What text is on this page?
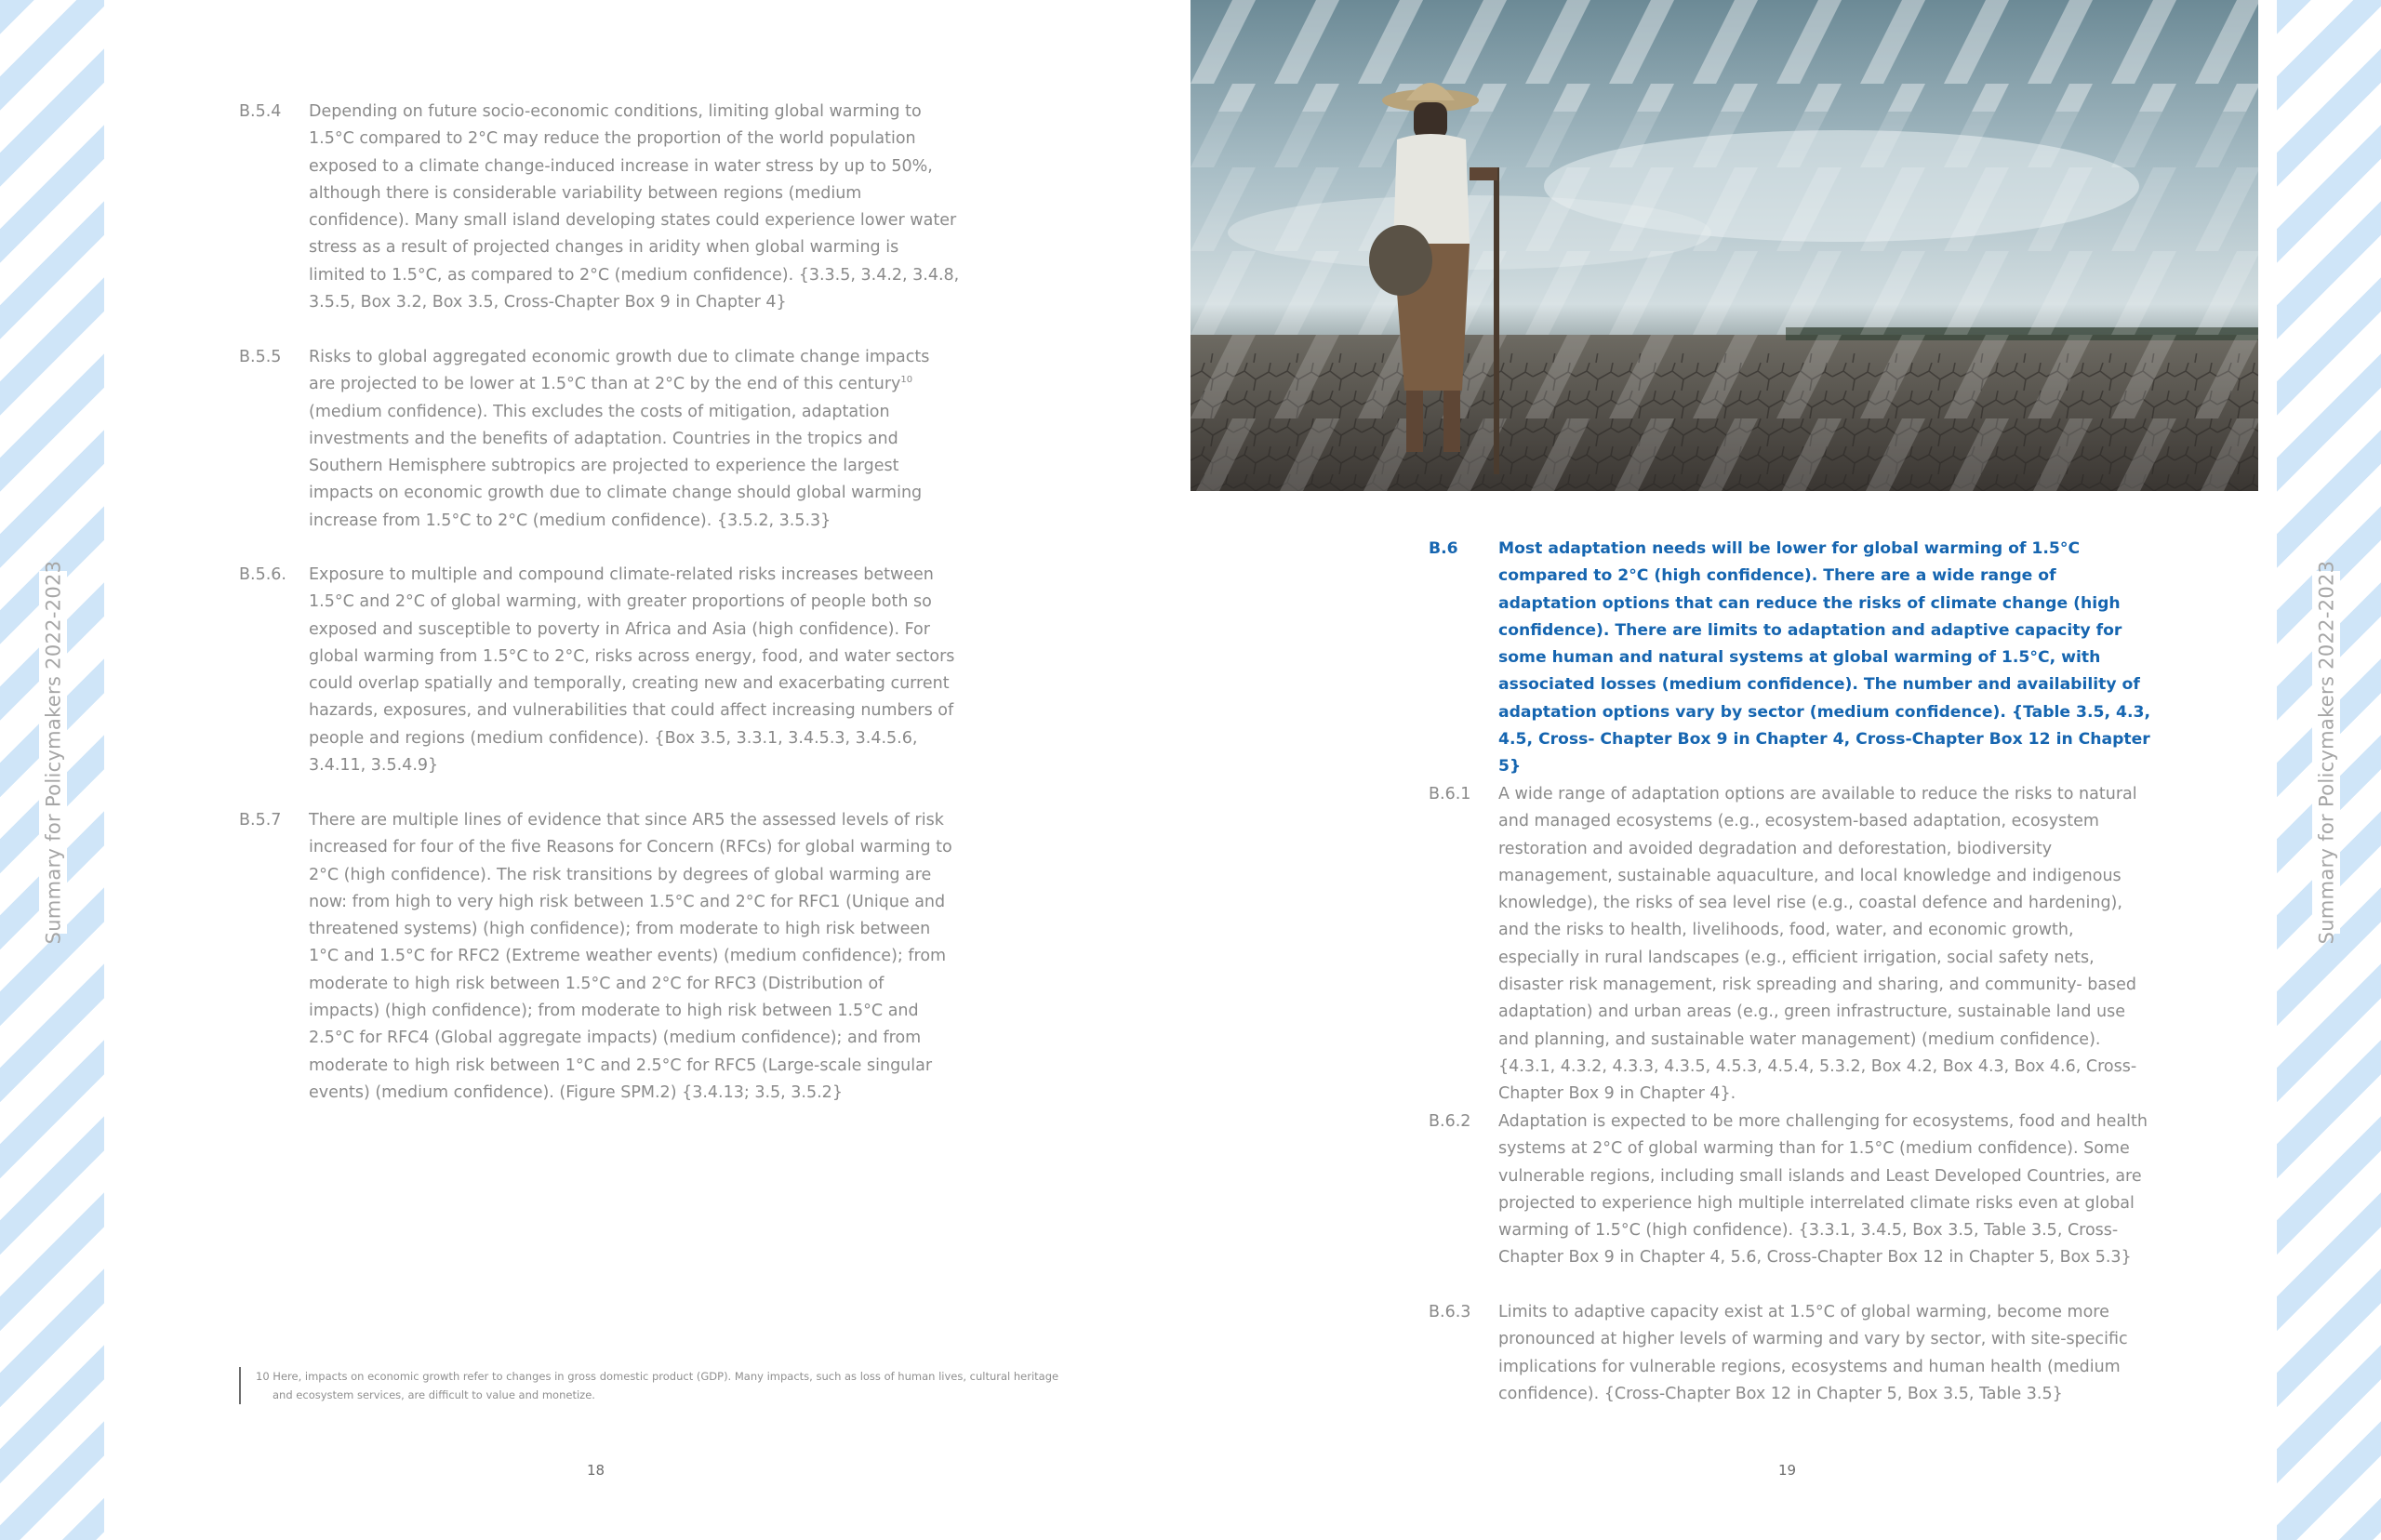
Summary for Policymakers 2022-2023	Summary for Policymakers 2022-2023
B.5.4	Depending on future socio-economic conditions, limiting global warming to 1.5°C compared to 2°C may reduce the proportion of the world population exposed to a climate change-induced increase in water stress by up to 50%, although there is considerable variability between regions (medium confidence). Many small island developing states could experience lower water stress as a result of projected changes in aridity when global warming is limited to 1.5°C, as compared to 2°C (medium confidence). {3.3.5, 3.4.2, 3.4.8, 3.5.5, Box 3.2, Box 3.5, Cross-Chapter Box 9 in Chapter 4}
B.5.5	Risks to global aggregated economic growth due to climate change impacts are projected to be lower at 1.5°C than at 2°C by the end of this century$^{10}$ (medium confidence). This excludes the costs of mitigation, adaptation investments and the benefits of adaptation. Countries in the tropics and Southern Hemisphere subtropics are projected to experience the largest impacts on economic growth due to climate change should global warming increase from 1.5°C to 2°C (medium confidence). {3.5.2, 3.5.3}
B.5.6.	Exposure to multiple and compound climate-related risks increases between 1.5°C and 2°C of global warming, with greater proportions of people both so exposed and susceptible to poverty in Africa and Asia (high confidence). For global warming from 1.5°C to 2°C, risks across energy, food, and water sectors could overlap spatially and temporally, creating new and exacerbating current hazards, exposures, and vulnerabilities that could affect increasing numbers of people and regions (medium confidence). {Box 3.5, 3.3.1, 3.4.5.3, 3.4.5.6, 3.4.11, 3.5.4.9}
B.5.7	There are multiple lines of evidence that since AR5 the assessed levels of risk increased for four of the five Reasons for Concern (RFCs) for global warming to 2°C (high confidence). The risk transitions by degrees of global warming are now: from high to very high risk between 1.5°C and 2°C for RFC1 (Unique and threatened systems) (high confidence); from moderate to high risk between 1°C and 1.5°C for RFC2 (Extreme weather events) (medium confidence); from moderate to high risk between 1.5°C and 2°C for RFC3 (Distribution of impacts) (high confidence); from moderate to high risk between 1.5°C and 2.5°C for RFC4 (Global aggregate impacts) (medium confidence); and from moderate to high risk between 1°C and 2.5°C for RFC5 (Large-scale singular events) (medium confidence). (Figure SPM.2) {3.4.13; 3.5, 3.5.2}
10 Here, impacts on economic growth refer to changes in gross domestic product (GDP). Many impacts, such as loss of human lives, cultural heritage
and ecosystem services, are difficult to value and monetize.
18
B.6	Most adaptation needs will be lower for global warming of 1.5°C compared to 2°C (high confidence). There are a wide range of adaptation options that can reduce the risks of climate change (high confidence). There are limits to adaptation and adaptive capacity for some human and natural systems at global warming of 1.5°C, with associated losses (medium confidence). The number and availability of adaptation options vary by sector (medium confidence). {Table 3.5, 4.3, 4.5, Cross- Chapter Box 9 in Chapter 4, Cross-Chapter Box 12 in Chapter 5}
B.6.1	A wide range of adaptation options are available to reduce the risks to natural and managed ecosystems (e.g., ecosystem-based adaptation, ecosystem restoration and avoided degradation and deforestation, biodiversity management, sustainable aquaculture, and local knowledge and indigenous knowledge), the risks of sea level rise (e.g., coastal defence and hardening), and the risks to health, livelihoods, food, water, and economic growth, especially in rural landscapes (e.g., efficient irrigation, social safety nets, disaster risk management, risk spreading and sharing, and community- based adaptation) and urban areas (e.g., green infrastructure, sustainable land use and planning, and sustainable water management) (medium confidence). {4.3.1, 4.3.2, 4.3.3, 4.3.5, 4.5.3, 4.5.4, 5.3.2, Box 4.2, Box 4.3, Box 4.6, Cross-Chapter Box 9 in Chapter 4}.
B.6.2	Adaptation is expected to be more challenging for ecosystems, food and health systems at 2°C of global warming than for 1.5°C (medium confidence). Some vulnerable regions, including small islands and Least Developed Countries, are projected to experience high multiple interrelated climate risks even at global warming of 1.5°C (high confidence). {3.3.1, 3.4.5, Box 3.5, Table 3.5, Cross-Chapter Box 9 in Chapter 4, 5.6, Cross-Chapter Box 12 in Chapter 5, Box 5.3}
B.6.3	Limits to adaptive capacity exist at 1.5°C of global warming, become more pronounced at higher levels of warming and vary by sector, with site-specific implications for vulnerable regions, ecosystems and human health (medium confidence). {Cross-Chapter Box 12 in Chapter 5, Box 3.5, Table 3.5}
19
